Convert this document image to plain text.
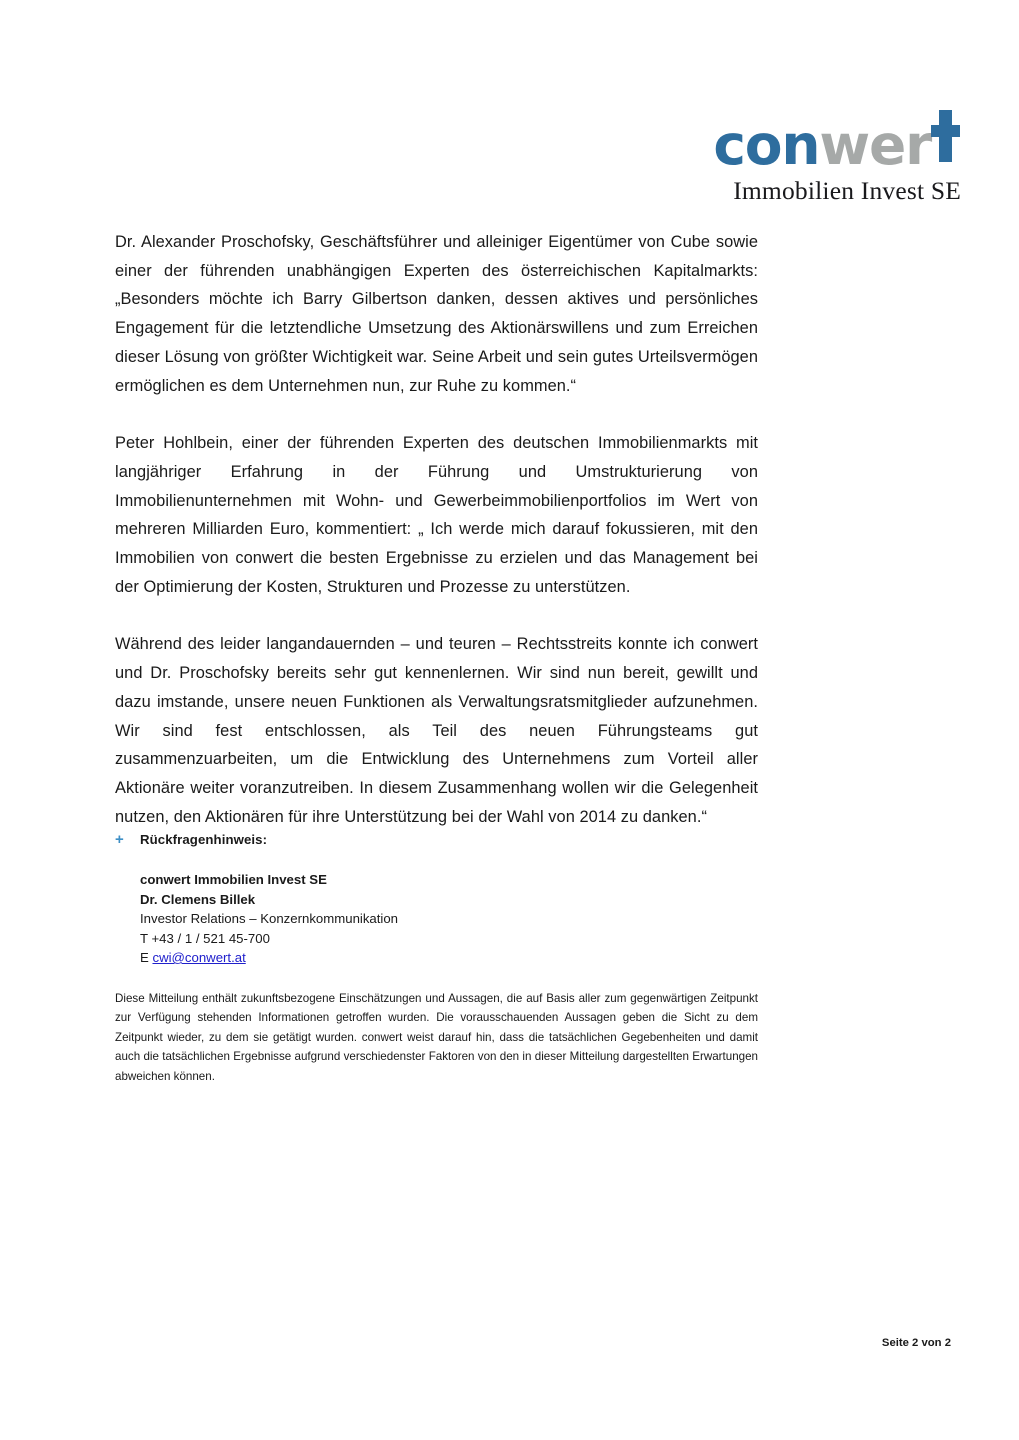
conwer
Immobilien Invest SE

Dr. Alexander Proschofsky, Geschäftsführer und alleiniger Eigentümer von Cube sowie einer der führenden unabhängigen Experten des österreichischen Kapitalmarkts: „Besonders möchte ich Barry Gilbertson danken, dessen aktives und persönliches Engagement für die letztendliche Umsetzung des Aktionärswillens und zum Erreichen dieser Lösung von größter Wichtigkeit war. Seine Arbeit und sein gutes Urteilsvermögen ermöglichen es dem Unternehmen nun, zur Ruhe zu kommen.“

Peter Hohlbein, einer der führenden Experten des deutschen Immobilienmarkts mit langjähriger Erfahrung in der Führung und Umstrukturierung von Immobilienunternehmen mit Wohn- und Gewerbeimmobilienportfolios im Wert von mehreren Milliarden Euro, kommentiert: „ Ich werde mich darauf fokussieren, mit den Immobilien von conwert die besten Ergebnisse zu erzielen und das Management bei der Optimierung der Kosten, Strukturen und Prozesse zu unterstützen.

Während des leider langandauernden – und teuren – Rechtsstreits konnte ich conwert und Dr. Proschofsky bereits sehr gut kennenlernen. Wir sind nun bereit, gewillt und dazu imstande, unsere neuen Funktionen als Verwaltungsratsmitglieder aufzunehmen. Wir sind fest entschlossen, als Teil des neuen Führungsteams gut zusammenzuarbeiten, um die Entwicklung des Unternehmens zum Vorteil aller Aktionäre weiter voranzutreiben. In diesem Zusammenhang wollen wir die Gelegenheit nutzen, den Aktionären für ihre Unterstützung bei der Wahl von 2014 zu danken.“

+	Rückfragenhinweis:
conwert Immobilien Invest SE
Dr. Clemens Billek
Investor Relations – Konzernkommunikation
T +43 / 1 / 521 45-700
E cwi@conwert.at
Diese Mitteilung enthält zukunftsbezogene Einschätzungen und Aussagen, die auf Basis aller zum gegenwärtigen Zeitpunkt zur Verfügung stehenden Informationen getroffen wurden. Die vorausschauenden Aussagen geben die Sicht zu dem Zeitpunkt wieder, zu dem sie getätigt wurden. conwert weist darauf hin, dass die tatsächlichen Gegebenheiten und damit auch die tatsächlichen Ergebnisse aufgrund verschiedenster Faktoren von den in dieser Mitteilung dargestellten Erwartungen abweichen können.
Seite 2 von 2
